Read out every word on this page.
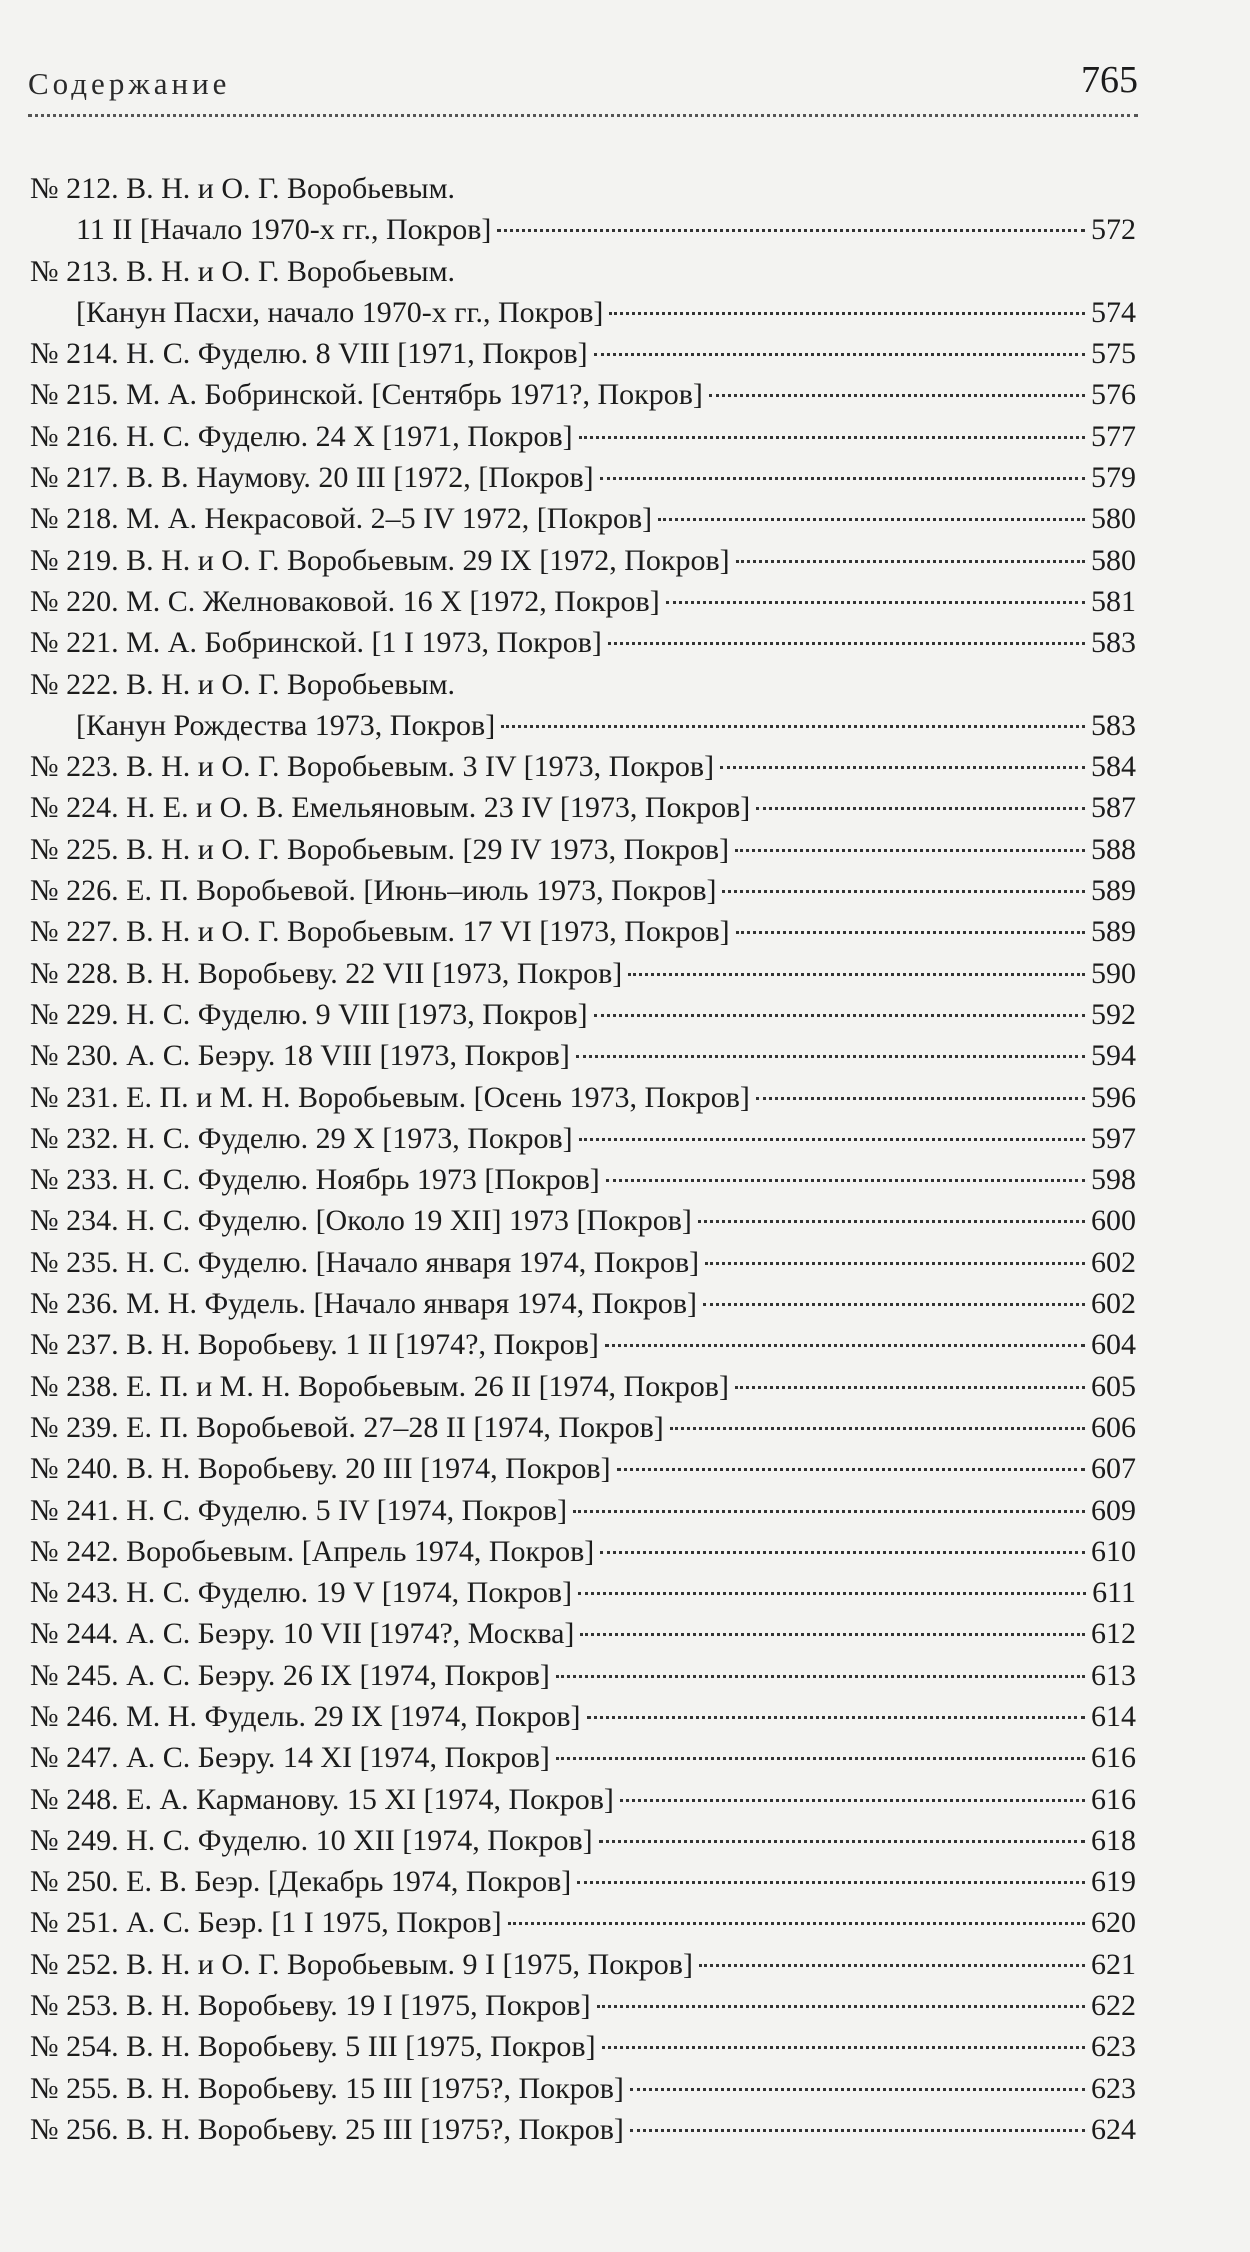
Содержание	765
№ 212. В. Н. и О. Г. Воробьевым.
11 II [Начало 1970-х гг., Покров]	572
№ 213. В. Н. и О. Г. Воробьевым.
[Канун Пасхи, начало 1970-х гг., Покров]	574
№ 214. Н. С. Фуделю. 8 VIII [1971, Покров]	575
№ 215. М. А. Бобринской. [Сентябрь 1971?, Покров]	576
№ 216. Н. С. Фуделю. 24 X [1971, Покров]	577
№ 217. В. В. Наумову. 20 III [1972, [Покров]	579
№ 218. М. А. Некрасовой. 2–5 IV 1972, [Покров]	580
№ 219. В. Н. и О. Г. Воробьевым. 29 IX [1972, Покров]	580
№ 220. М. С. Желноваковой. 16 X [1972, Покров]	581
№ 221. М. А. Бобринской. [1 I 1973, Покров]	583
№ 222. В. Н. и О. Г. Воробьевым.
[Канун Рождества 1973, Покров]	583
№ 223. В. Н. и О. Г. Воробьевым. 3 IV [1973, Покров]	584
№ 224. Н. Е. и О. В. Емельяновым. 23 IV [1973, Покров]	587
№ 225. В. Н. и О. Г. Воробьевым. [29 IV 1973, Покров]	588
№ 226. Е. П. Воробьевой. [Июнь–июль 1973, Покров]	589
№ 227. В. Н. и О. Г. Воробьевым. 17 VI [1973, Покров]	589
№ 228. В. Н. Воробьеву. 22 VII [1973, Покров]	590
№ 229. Н. С. Фуделю. 9 VIII [1973, Покров]	592
№ 230. А. С. Беэру. 18 VIII [1973, Покров]	594
№ 231. Е. П. и М. Н. Воробьевым. [Осень 1973, Покров]	596
№ 232. Н. С. Фуделю. 29 X [1973, Покров]	597
№ 233. Н. С. Фуделю. Ноябрь 1973 [Покров]	598
№ 234. Н. С. Фуделю. [Около 19 XII] 1973 [Покров]	600
№ 235. Н. С. Фуделю. [Начало января 1974, Покров]	602
№ 236. М. Н. Фудель. [Начало января 1974, Покров]	602
№ 237. В. Н. Воробьеву. 1 II [1974?, Покров]	604
№ 238. Е. П. и М. Н. Воробьевым. 26 II [1974, Покров]	605
№ 239. Е. П. Воробьевой. 27–28 II [1974, Покров]	606
№ 240. В. Н. Воробьеву. 20 III [1974, Покров]	607
№ 241. Н. С. Фуделю. 5 IV [1974, Покров]	609
№ 242. Воробьевым. [Апрель 1974, Покров]	610
№ 243. Н. С. Фуделю. 19 V [1974, Покров]	611
№ 244. А. С. Беэру. 10 VII [1974?, Москва]	612
№ 245. А. С. Беэру. 26 IX [1974, Покров]	613
№ 246. М. Н. Фудель. 29 IX [1974, Покров]	614
№ 247. А. С. Беэру. 14 XI [1974, Покров]	616
№ 248. Е. А. Карманову. 15 XI [1974, Покров]	616
№ 249. Н. С. Фуделю. 10 XII [1974, Покров]	618
№ 250. Е. В. Беэр. [Декабрь 1974, Покров]	619
№ 251. А. С. Беэр. [1 I 1975, Покров]	620
№ 252. В. Н. и О. Г. Воробьевым. 9 I [1975, Покров]	621
№ 253. В. Н. Воробьеву. 19 I [1975, Покров]	622
№ 254. В. Н. Воробьеву. 5 III [1975, Покров]	623
№ 255. В. Н. Воробьеву. 15 III [1975?, Покров]	623
№ 256. В. Н. Воробьеву. 25 III [1975?, Покров]	624
